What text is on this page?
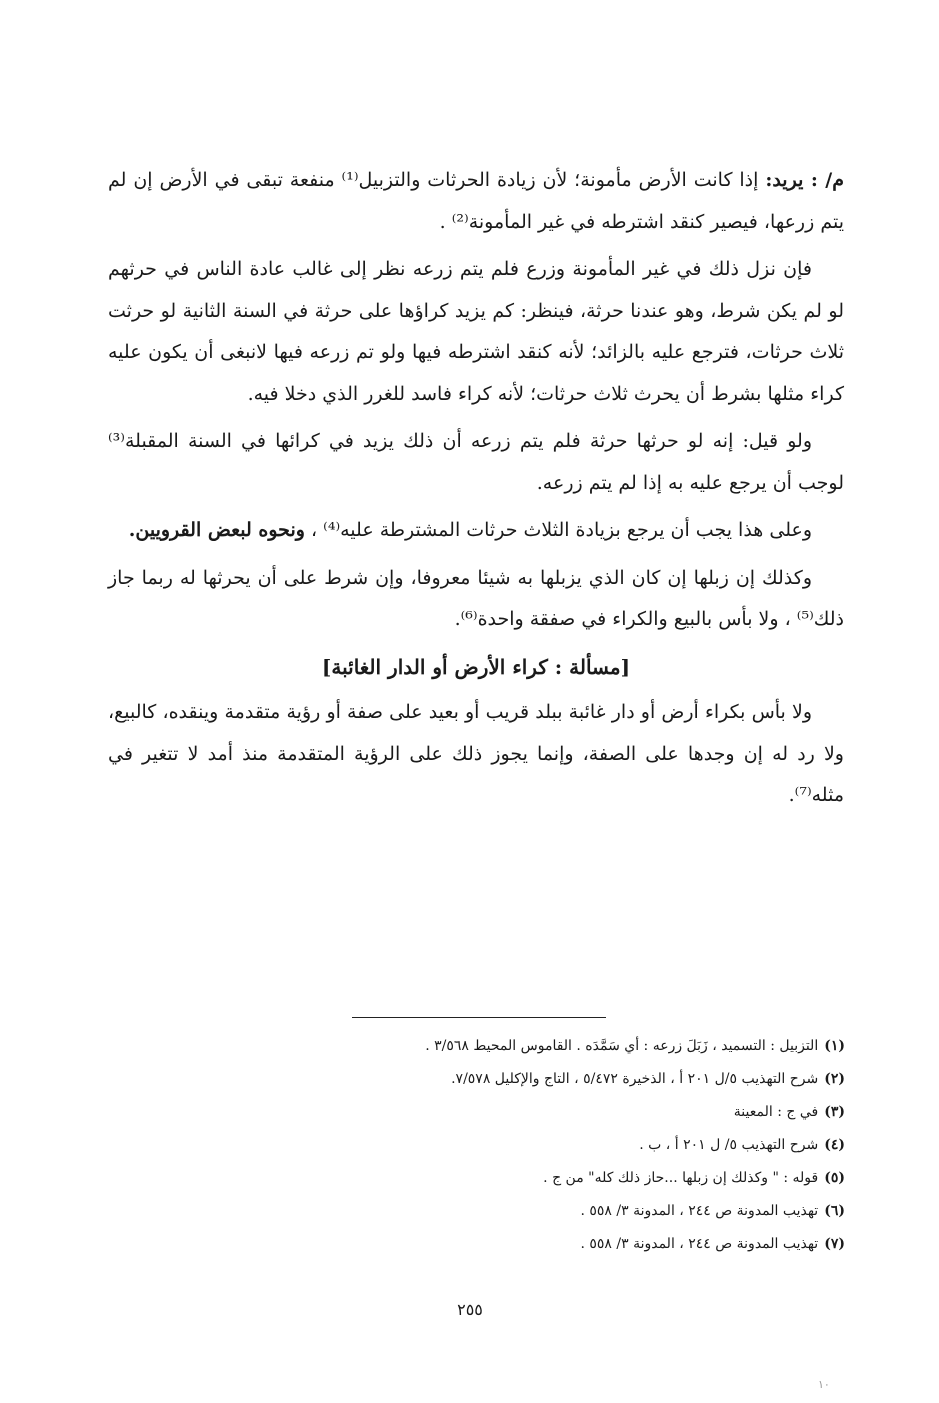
م/ : يريد: إذا كانت الأرض مأمونة؛ لأن زيادة الحرثات والتزبيل⁽¹⁾ منفعة تبقى في الأرض إن لم يتم زرعها، فيصير كنقد اشترطه في غير المأمونة⁽²⁾ .

فإن نزل ذلك في غير المأمونة وزرع فلم يتم زرعه نظر إلى غالب عادة الناس في حرثهم لو لم يكن شرط، وهو عندنا حرثة، فينظر: كم يزيد كراؤها على حرثة في السنة الثانية لو حرثت ثلاث حرثات، فترجع عليه بالزائد؛ لأنه كنقد اشترطه فيها ولو تم زرعه فيها لانبغى أن يكون عليه كراء مثلها بشرط أن يحرث ثلاث حرثات؛ لأنه كراء فاسد للغرر الذي دخلا فيه.

ولو قيل: إنه لو حرثها حرثة فلم يتم زرعه أن ذلك يزيد في كرائها في السنة المقبلة⁽³⁾ لوجب أن يرجع عليه به إذا لم يتم زرعه.

وعلى هذا يجب أن يرجع بزيادة الثلاث حرثات المشترطة عليه⁽⁴⁾ ، ونحوه لبعض القرويين.

وكذلك إن زبلها إن كان الذي يزبلها به شيئا معروفا، وإن شرط على أن يحرثها له ربما جاز ذلك⁽⁵⁾ ، ولا بأس بالبيع والكراء في صفقة واحدة⁽⁶⁾.

[مسألة : كراء الأرض أو الدار الغائبة]

ولا بأس بكراء أرض أو دار غائبة ببلد قريب أو بعيد على صفة أو رؤية متقدمة وينقده، كالبيع، ولا رد له إن وجدها على الصفة، وإنما يجوز ذلك على الرؤية المتقدمة منذ أمد لا تتغير في مثله⁽⁷⁾.

(١)التزبيل : التسميد ، زَبَلَ زرعه : أي سَمَّدَه . القاموس المحيط ٣/٥٦٨ .

(٢)شرح التهذيب ٥/ل ٢٠١ أ ، الذخيرة ٥/٤٧٢ ، التاج والإكليل ٧/٥٧٨.

(٣)في ج : المعينة

(٤)شرح التهذيب ٥/ ل ٢٠١ أ ، ب .

(٥)قوله : " وكذلك إن زبلها ...حاز ذلك كله" من ج .

(٦)تهذيب المدونة ص ٢٤٤ ، المدونة ٣/ ٥٥٨ .

(٧)تهذيب المدونة ص ٢٤٤ ، المدونة ٣/ ٥٥٨ .

٢٥٥
١٠
